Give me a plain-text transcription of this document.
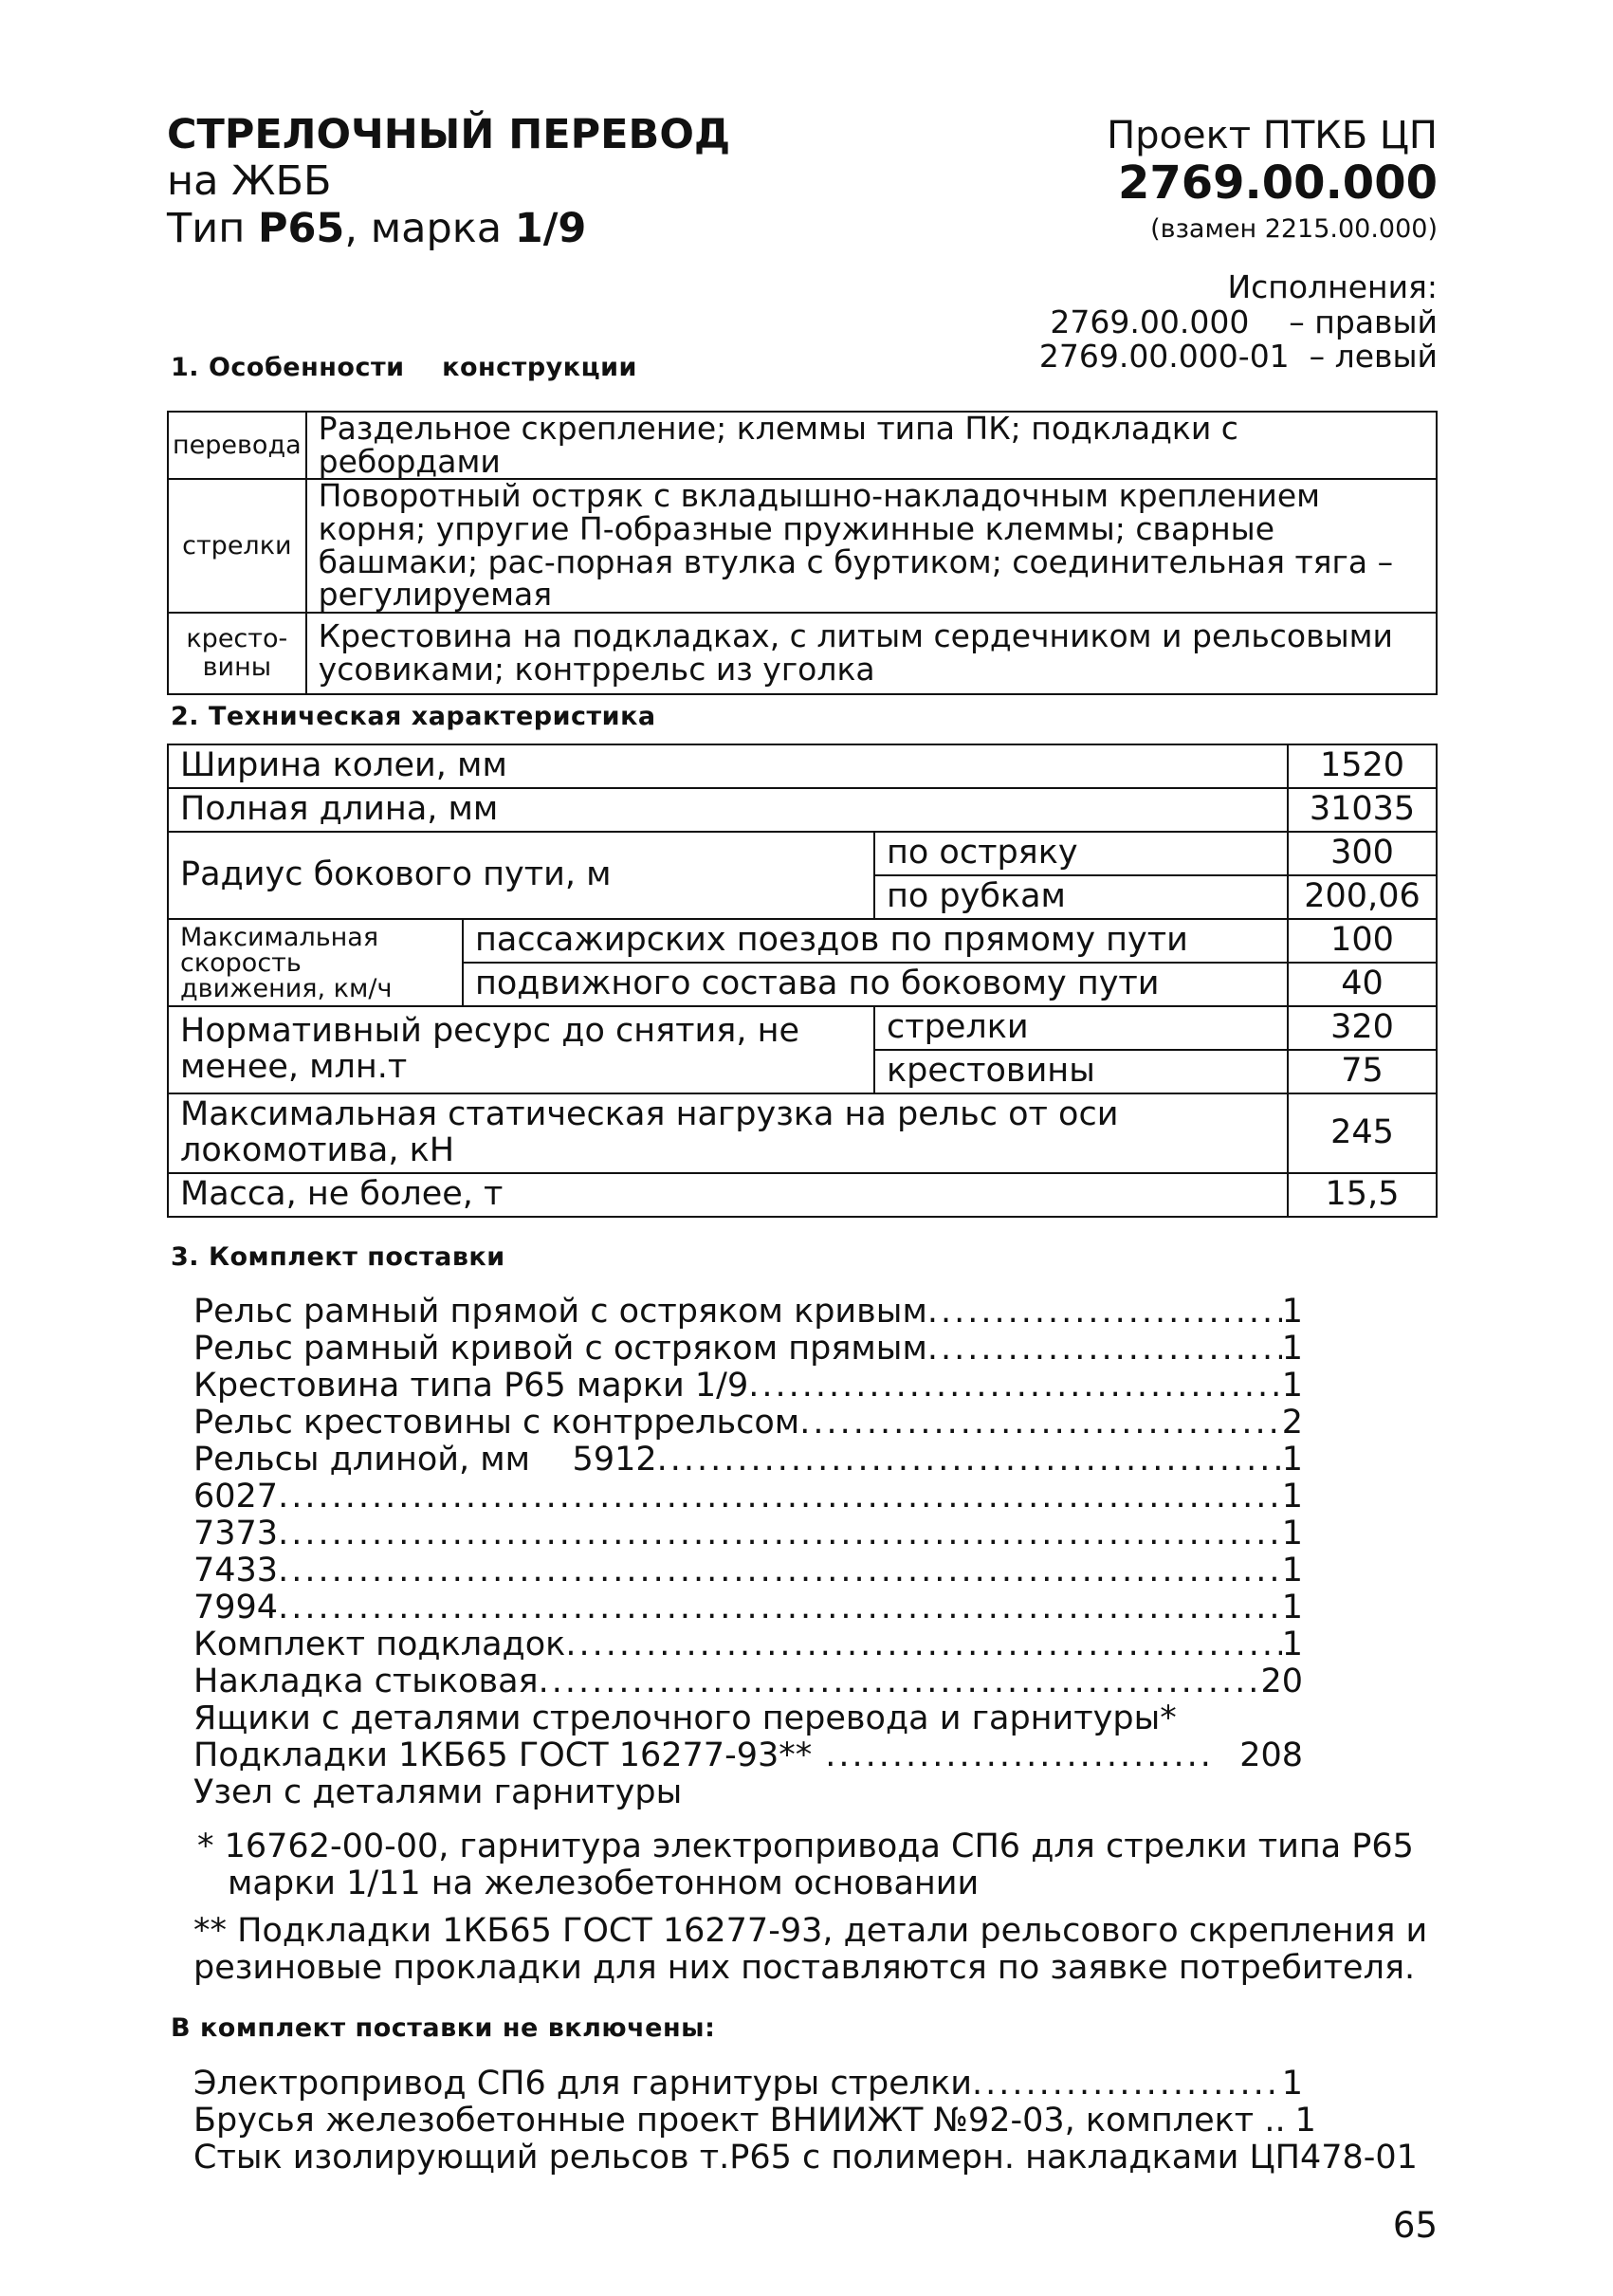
СТРЕЛОЧНЫЙ ПЕРЕВОД
на ЖББ
Тип Р65, марка 1/9
Проект ПТКБ ЦП
2769.00.000
(взамен 2215.00.000)
Исполнения:
2769.00.000    – правый
2769.00.000-01  – левый
1. Особенности    конструкции
перевода	Раздельное скрепление; клеммы типа ПК; подкладки с ребордами
стрелки	Поворотный остряк с вкладышно-накладочным креплением корня; упругие П-образные пружинные клеммы; сварные башмаки; рас-порная втулка с буртиком; соединительная тяга – регулируемая
кресто-вины	Крестовина на подкладках, с литым сердечником и рельсовыми усовиками; контррельс из уголка
2. Техническая характеристика
Ширина колеи, мм			1520
Полная длина, мм			31035
Радиус бокового пути, м		по остряку	300
		по рубкам	200,06
Максимальная скорость движения, км/ч	пассажирских поездов по прямому пути		100
	подвижного состава по боковому пути		40
Нормативный ресурс до снятия, не менее, млн.т		стрелки	320
		крестовины	75
Максимальная статическая нагрузка на рельс от оси локомотива, кН			245
Масса, не более, т			15,5
3. Комплект поставки
Рельс рамный прямой с остряком кривым .....	1
Рельс рамный кривой с остряком прямым .....	1
Крестовина типа Р65 марки 1/9 .....	1
Рельс крестовины с контррельсом .....	2
Рельсы длиной, мм    5912 .....	1
6027 .....	1
7373 .....	1
7433 .....	1
7994 .....	1
Комплект подкладок .....	1
Накладка стыковая .....	20
Ящики с деталями стрелочного перевода и гарнитуры*
Подкладки 1КБ65 ГОСТ 16277-93** .....	208
Узел с деталями гарнитуры
* 16762-00-00, гарнитура электропривода СП6 для стрелки типа Р65 марки 1/11 на железобетонном основании
** Подкладки 1КБ65 ГОСТ 16277-93, детали рельсового скрепления и резиновые прокладки для них поставляются по заявке потребителя.
В комплект поставки не включены:
Электропривод СП6 для гарнитуры стрелки .....	1
Брусья железобетонные проект ВНИИЖТ №92-03, комплект .. 1
Стык изолирующий рельсов т.Р65 с полимерн. накладками ЦП478-01
65
